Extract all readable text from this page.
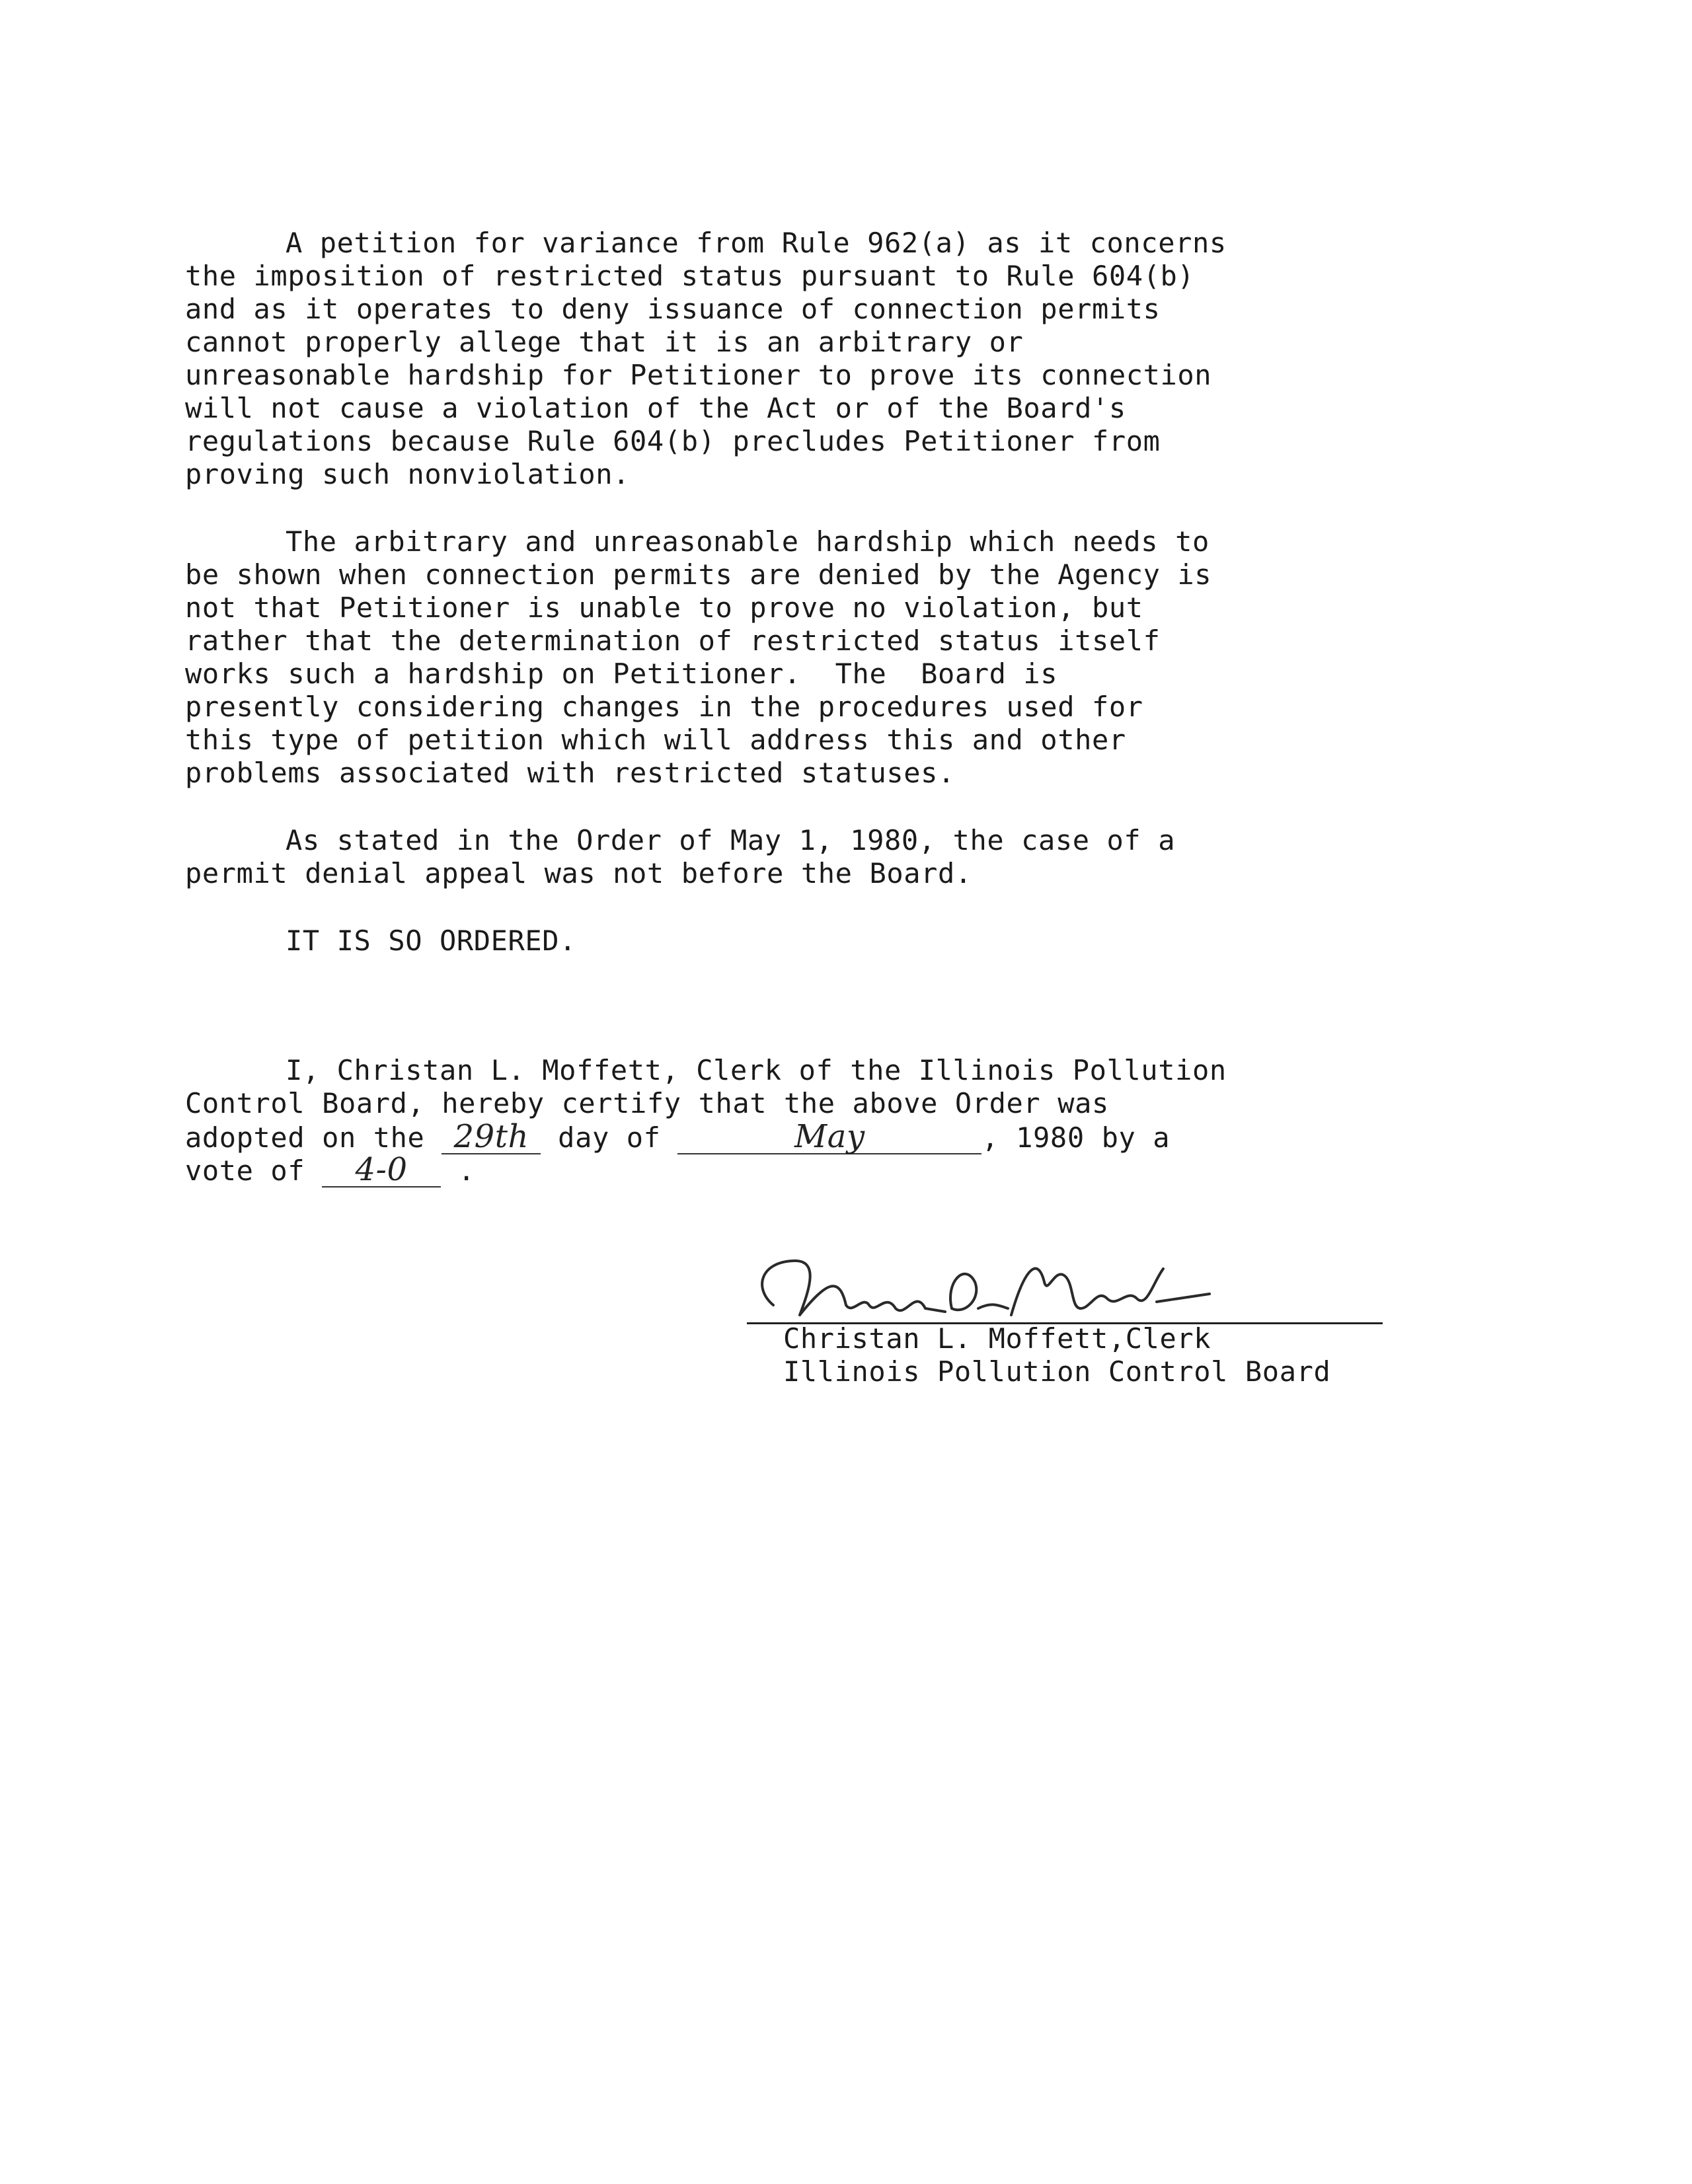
A petition for variance from Rule 962(a) as it concerns
the imposition of restricted status pursuant to Rule 604(b)
and as it operates to deny issuance of connection permits
cannot properly allege that it is an arbitrary or
unreasonable hardship for Petitioner to prove its connection
will not cause a violation of the Act or of the Board's
regulations because Rule 604(b) precludes Petitioner from
proving such nonviolation.
The arbitrary and unreasonable hardship which needs to
be shown when connection permits are denied by the Agency is
not that Petitioner is unable to prove no violation, but
rather that the determination of restricted status itself
works such a hardship on Petitioner.  The  Board is
presently considering changes in the procedures used for
this type of petition which will address this and other
problems associated with restricted statuses.
As stated in the Order of May 1, 1980, the case of a
permit denial appeal was not before the Board.
IT IS SO ORDERED.
I, Christan L. Moffett, Clerk of the Illinois Pollution
Control Board, hereby certify that the above Order was
adopted on the 29th day of	May	, 1980 by a
vote of 4-0 .
Christan L. Moffett,Clerk
Illinois Pollution Control Board
